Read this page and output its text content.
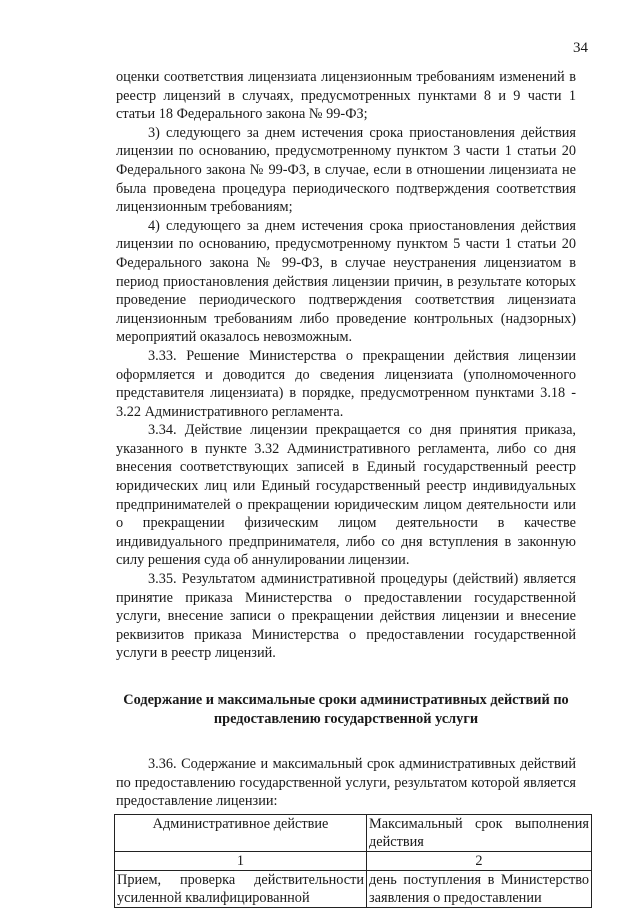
34

оценки соответствия лицензиата лицензионным требованиям изменений в реестр лицензий в случаях, предусмотренных пунктами 8 и 9 части 1 статьи 18 Федерального закона № 99-ФЗ;

3) следующего за днем истечения срока приостановления действия лицензии по основанию, предусмотренному пунктом 3 части 1 статьи 20 Федерального закона № 99-ФЗ, в случае, если в отношении лицензиата не была проведена процедура периодического подтверждения соответствия лицензионным требованиям;

4) следующего за днем истечения срока приостановления действия лицензии по основанию, предусмотренному пунктом 5 части 1 статьи 20 Федерального закона № 99-ФЗ, в случае неустранения лицензиатом в период приостановления действия лицензии причин, в результате которых проведение периодического подтверждения соответствия лицензиата лицензионным требованиям либо проведение контрольных (надзорных) мероприятий оказалось невозможным.

3.33. Решение Министерства о прекращении действия лицензии оформляется и доводится до сведения лицензиата (уполномоченного представителя лицензиата) в порядке, предусмотренном пунктами 3.18 - 3.22 Административного регламента.

3.34. Действие лицензии прекращается со дня принятия приказа, указанного в пункте 3.32 Административного регламента, либо со дня внесения соответствующих записей в Единый государственный реестр юридических лиц или Единый государственный реестр индивидуальных предпринимателей о прекращении юридическим лицом деятельности или о прекращении физическим лицом деятельности в качестве индивидуального предпринимателя, либо со дня вступления в законную силу решения суда об аннулировании лицензии.

3.35. Результатом административной процедуры (действий) является принятие приказа Министерства о предоставлении государственной услуги, внесение записи о прекращении действия лицензии и внесение реквизитов приказа Министерства о предоставлении государственной услуги в реестр лицензий.

Содержание и максимальные сроки административных действий по предоставлению государственной услуги

3.36. Содержание и максимальный срок административных действий по предоставлению государственной услуги, результатом которой является предоставление лицензии:

Административное действие	Максимальный срок выполнения действия
1	2
Прием, проверка действительности усиленной квалифицированной	день поступления в Министерство заявления о предоставлении
